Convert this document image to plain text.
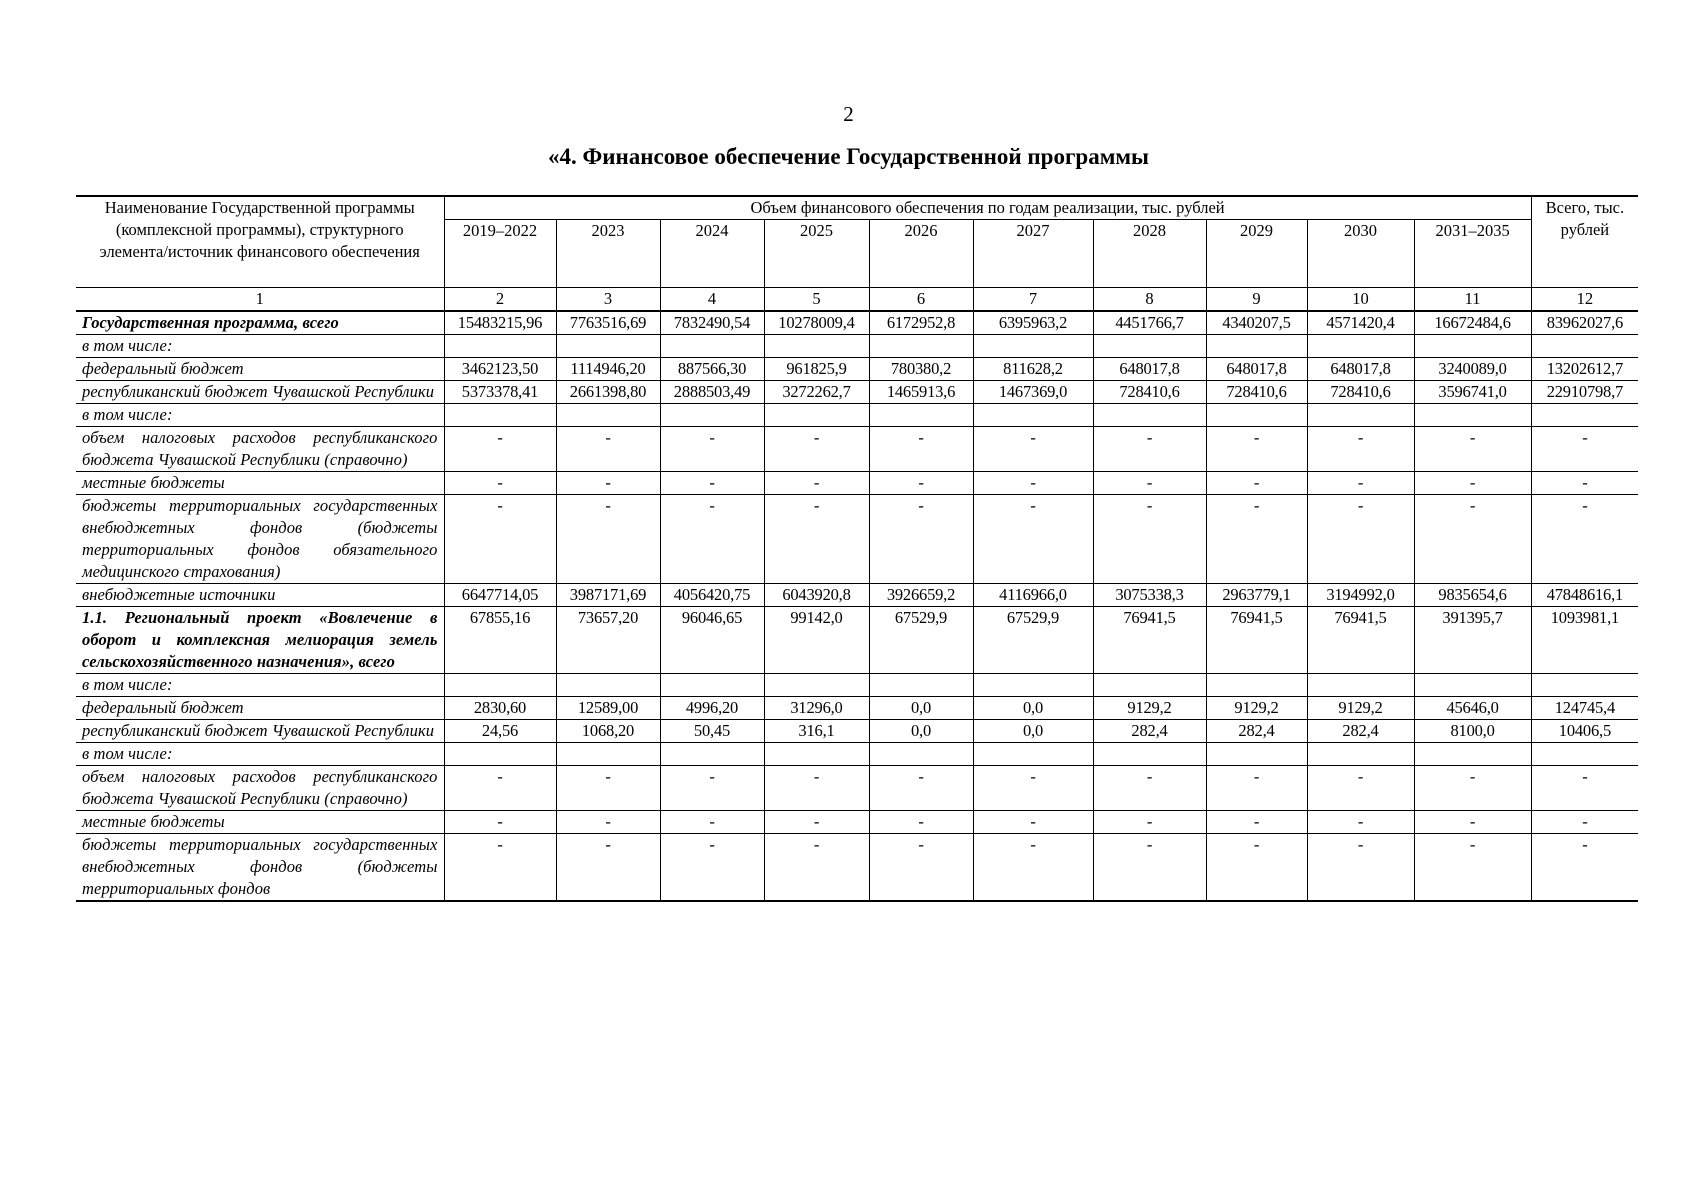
2
«4. Финансовое обеспечение Государственной программы
Наименование Государственной программы (комплексной программы), структурного элемента/источник финансового обеспечения	Объем финансового обеспечения по годам реализации, тыс. рублей										Всего, тыс. рублей
	2019–2022	2023	2024	2025	2026	2027	2028	2029	2030	2031–2035	
1	2	3	4	5	6	7	8	9	10	11	12
Государственная программа, всего	15483215,96	7763516,69	7832490,54	10278009,4	6172952,8	6395963,2	4451766,7	4340207,5	4571420,4	16672484,6	83962027,6
в том числе:											
федеральный бюджет	3462123,50	1114946,20	887566,30	961825,9	780380,2	811628,2	648017,8	648017,8	648017,8	3240089,0	13202612,7
республиканский бюджет Чувашской Республики	5373378,41	2661398,80	2888503,49	3272262,7	1465913,6	1467369,0	728410,6	728410,6	728410,6	3596741,0	22910798,7
в том числе:											
объем налоговых расходов республиканского бюджета Чувашской Республики (справочно)	-	-	-	-	-	-	-	-	-	-	-
местные бюджеты	-	-	-	-	-	-	-	-	-	-	-
бюджеты территориальных государственных внебюджетных фондов (бюджеты территориальных фондов обязательного медицинского страхования)	-	-	-	-	-	-	-	-	-	-	-
внебюджетные источники	6647714,05	3987171,69	4056420,75	6043920,8	3926659,2	4116966,0	3075338,3	2963779,1	3194992,0	9835654,6	47848616,1
1.1. Региональный проект «Вовлечение в оборот и комплексная мелиорация земель сельскохозяйственного назначения», всего	67855,16	73657,20	96046,65	99142,0	67529,9	67529,9	76941,5	76941,5	76941,5	391395,7	1093981,1
в том числе:											
федеральный бюджет	2830,60	12589,00	4996,20	31296,0	0,0	0,0	9129,2	9129,2	9129,2	45646,0	124745,4
республиканский бюджет Чувашской Республики	24,56	1068,20	50,45	316,1	0,0	0,0	282,4	282,4	282,4	8100,0	10406,5
в том числе:											
объем налоговых расходов республиканского бюджета Чувашской Республики (справочно)	-	-	-	-	-	-	-	-	-	-	-
местные бюджеты	-	-	-	-	-	-	-	-	-	-	-
бюджеты территориальных государственных внебюджетных фондов (бюджеты территориальных фондов	-	-	-	-	-	-	-	-	-	-	-
